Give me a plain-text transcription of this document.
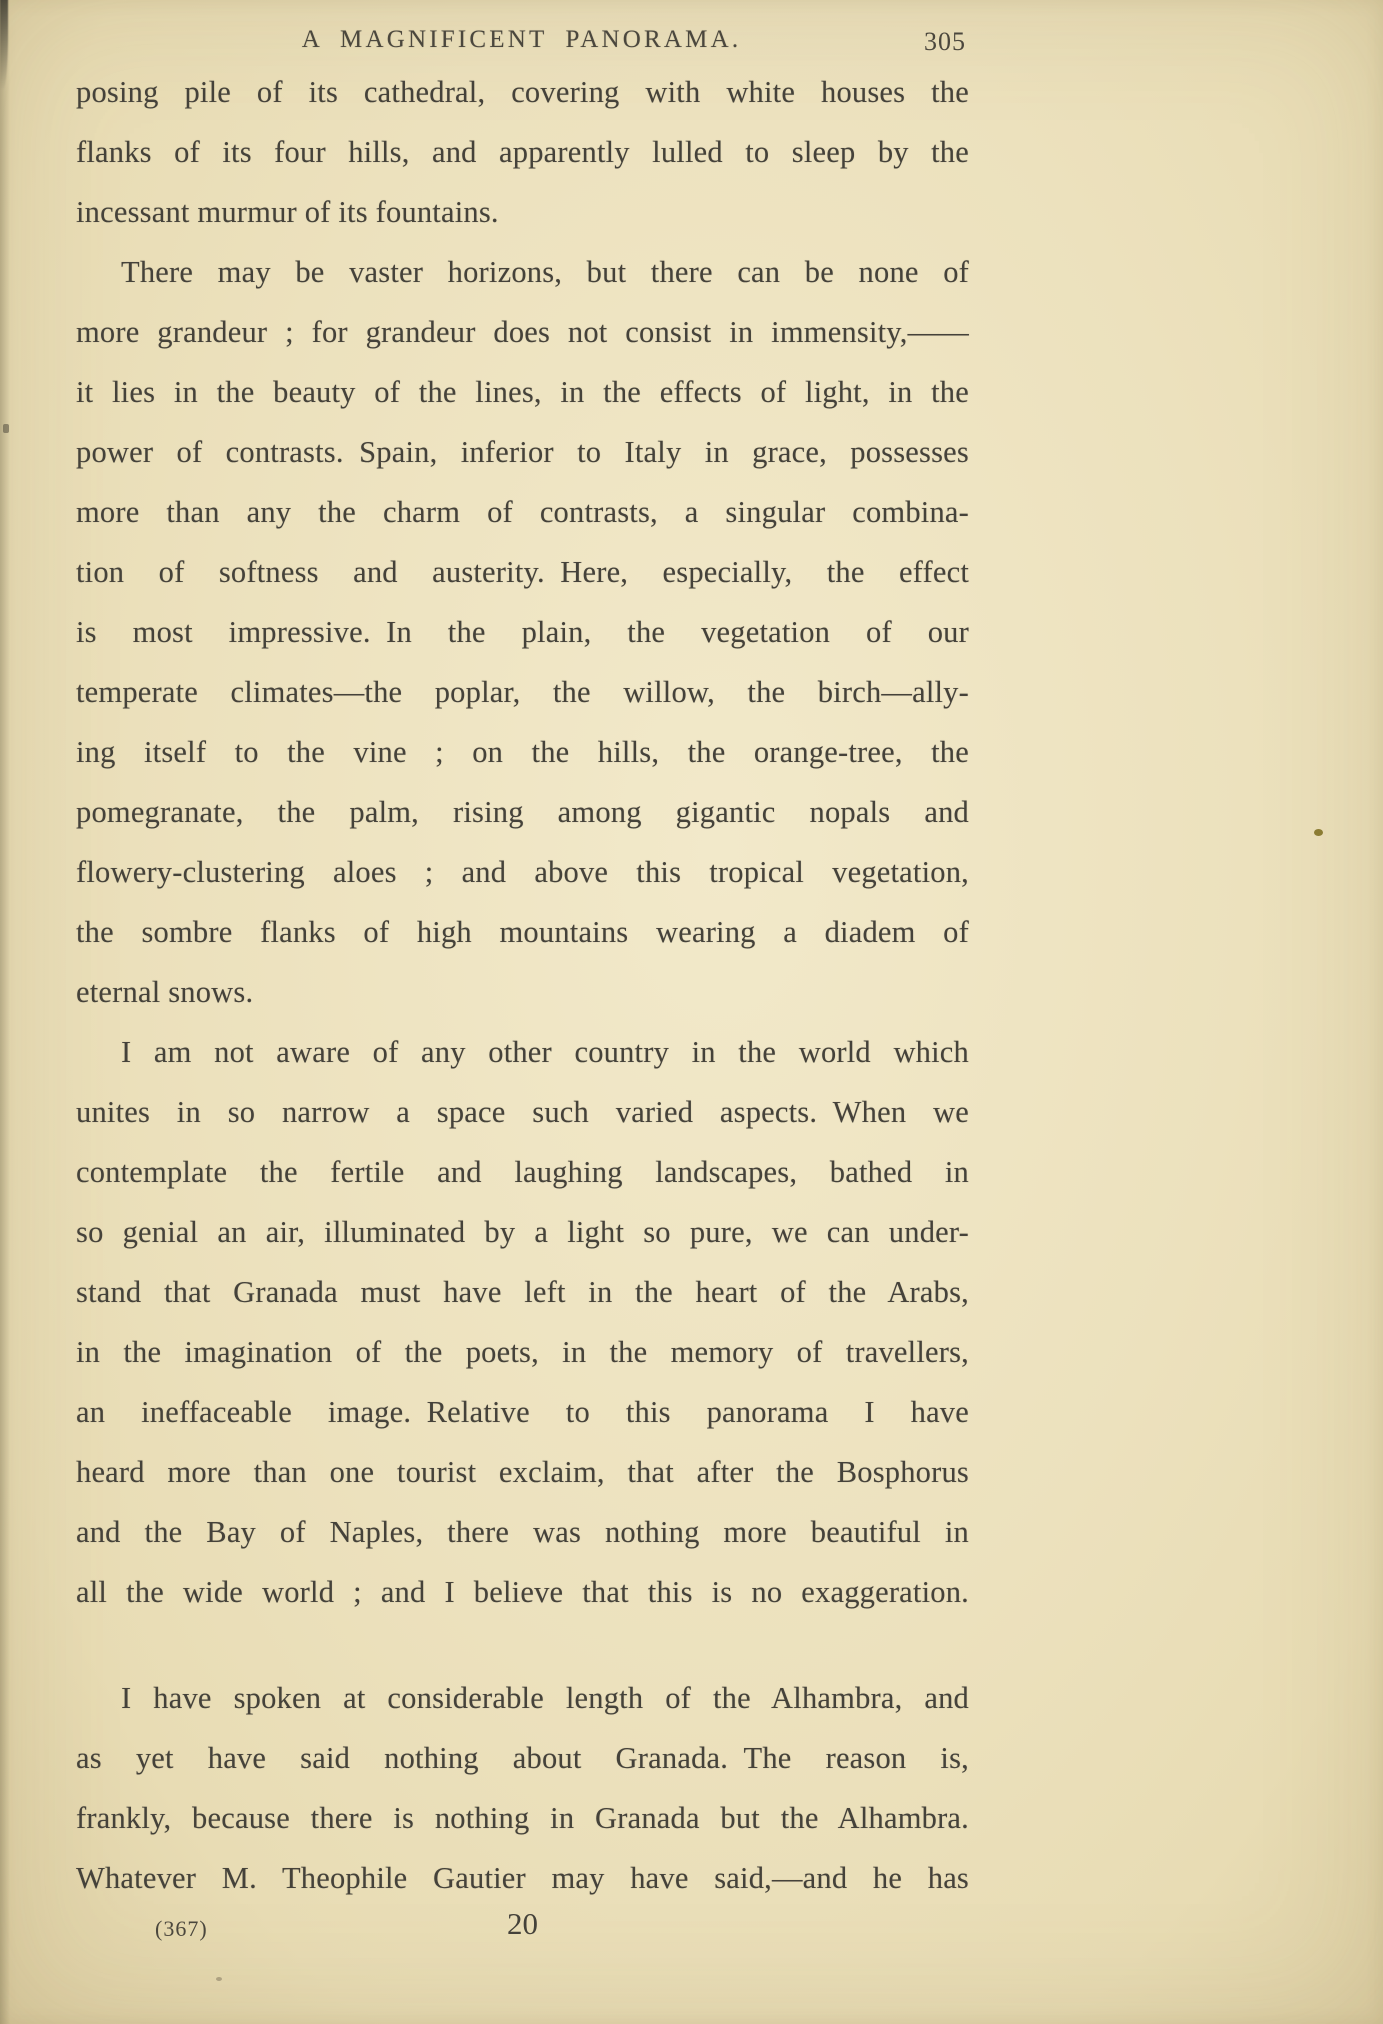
A MAGNIFICENT PANORAMA.	305
posing pile of its cathedral, covering with white houses the
flanks of its four hills, and apparently lulled to sleep by the
incessant murmur of its fountains.
There may be vaster horizons, but there can be none of
more grandeur ; for grandeur does not consist in immensity,——
it lies in the beauty of the lines, in the effects of light, in the
power of contrasts. Spain, inferior to Italy in grace, possesses
more than any the charm of contrasts, a singular combina-
tion of softness and austerity. Here, especially, the effect
is most impressive. In the plain, the vegetation of our
temperate climates—the poplar, the willow, the birch—ally-
ing itself to the vine ; on the hills, the orange-tree, the
pomegranate, the palm, rising among gigantic nopals and
flowery-clustering aloes ; and above this tropical vegetation,
the sombre flanks of high mountains wearing a diadem of
eternal snows.
I am not aware of any other country in the world which
unites in so narrow a space such varied aspects. When we
contemplate the fertile and laughing landscapes, bathed in
so genial an air, illuminated by a light so pure, we can under-
stand that Granada must have left in the heart of the Arabs,
in the imagination of the poets, in the memory of travellers,
an ineffaceable image. Relative to this panorama I have
heard more than one tourist exclaim, that after the Bosphorus
and the Bay of Naples, there was nothing more beautiful in
all the wide world ; and I believe that this is no exaggeration.
I have spoken at considerable length of the Alhambra, and
as yet have said nothing about Granada. The reason is,
frankly, because there is nothing in Granada but the Alhambra.
Whatever M. Theophile Gautier may have said,—and he has
(367)	20
